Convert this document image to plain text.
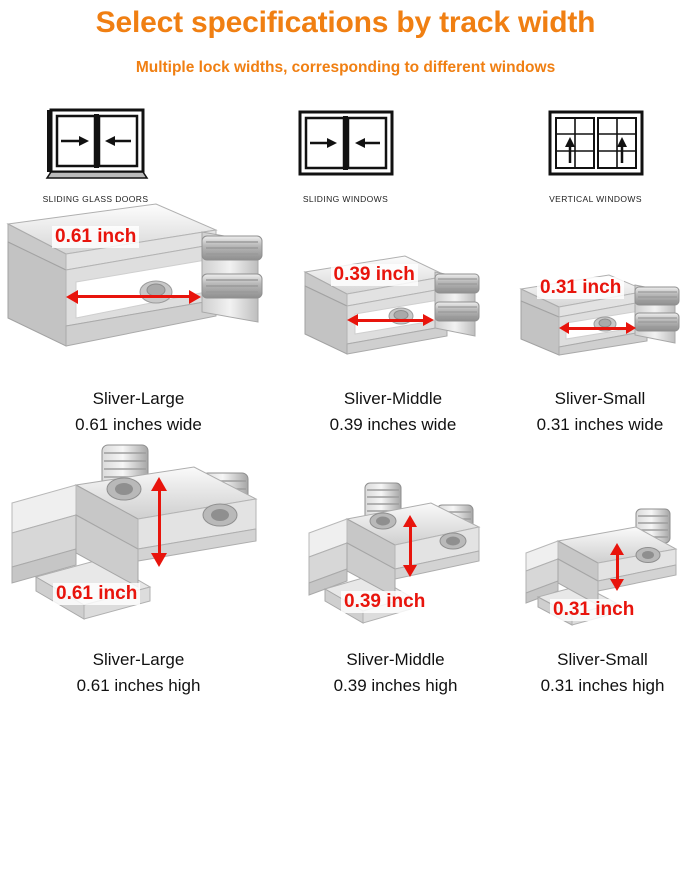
Select specifications by track width
Multiple lock widths, corresponding to different windows
SLIDING GLASS DOORS	SLIDING WINDOWS	VERTICAL WINDOWS
0.61 inch
Sliver-Large
0.61 inches wide
0.39 inch
Sliver-Middle
0.39 inches wide
0.31 inch
Sliver-Small
0.31 inches wide
0.61 inch
Sliver-Large
0.61 inches high
0.39 inch
Sliver-Middle
0.39 inches high
0.31 inch
Sliver-Small
0.31 inches high
